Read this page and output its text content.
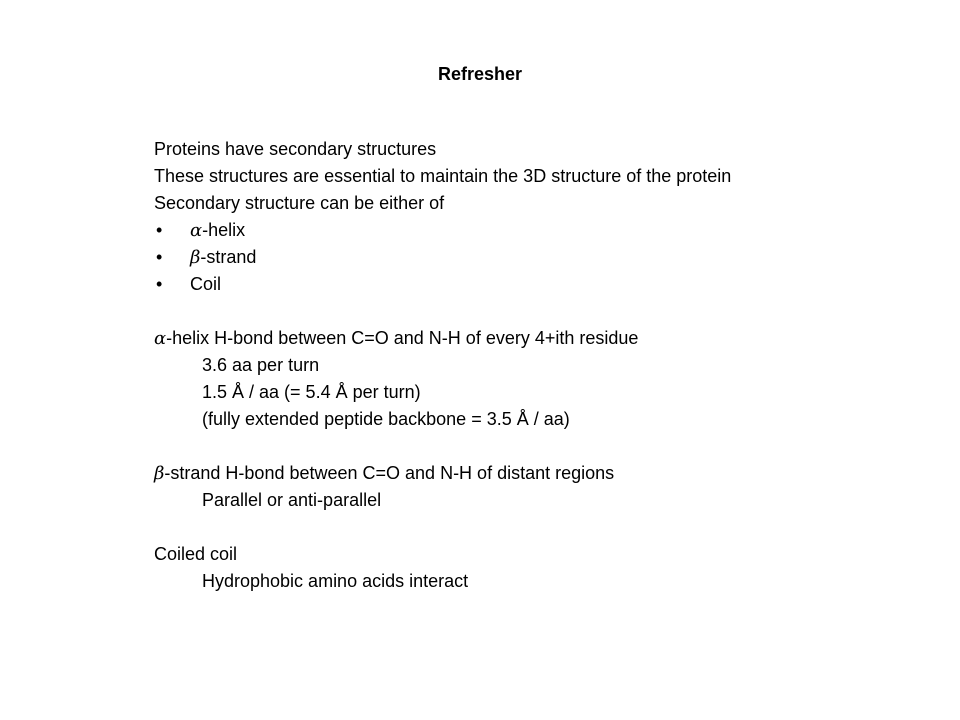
Refresher
Proteins have secondary structures
These structures are essential to maintain the 3D structure of the protein
Secondary structure can be either of
•	α-helix
•	β-strand
•	Coil
α-helix H-bond between C=O and N-H of every 4+ith residue
3.6 aa per turn
1.5 Å / aa (= 5.4 Å per turn)
(fully extended peptide backbone = 3.5 Å / aa)
β-strand H-bond between C=O and N-H of distant regions
Parallel or anti-parallel
Coiled coil
Hydrophobic amino acids interact
